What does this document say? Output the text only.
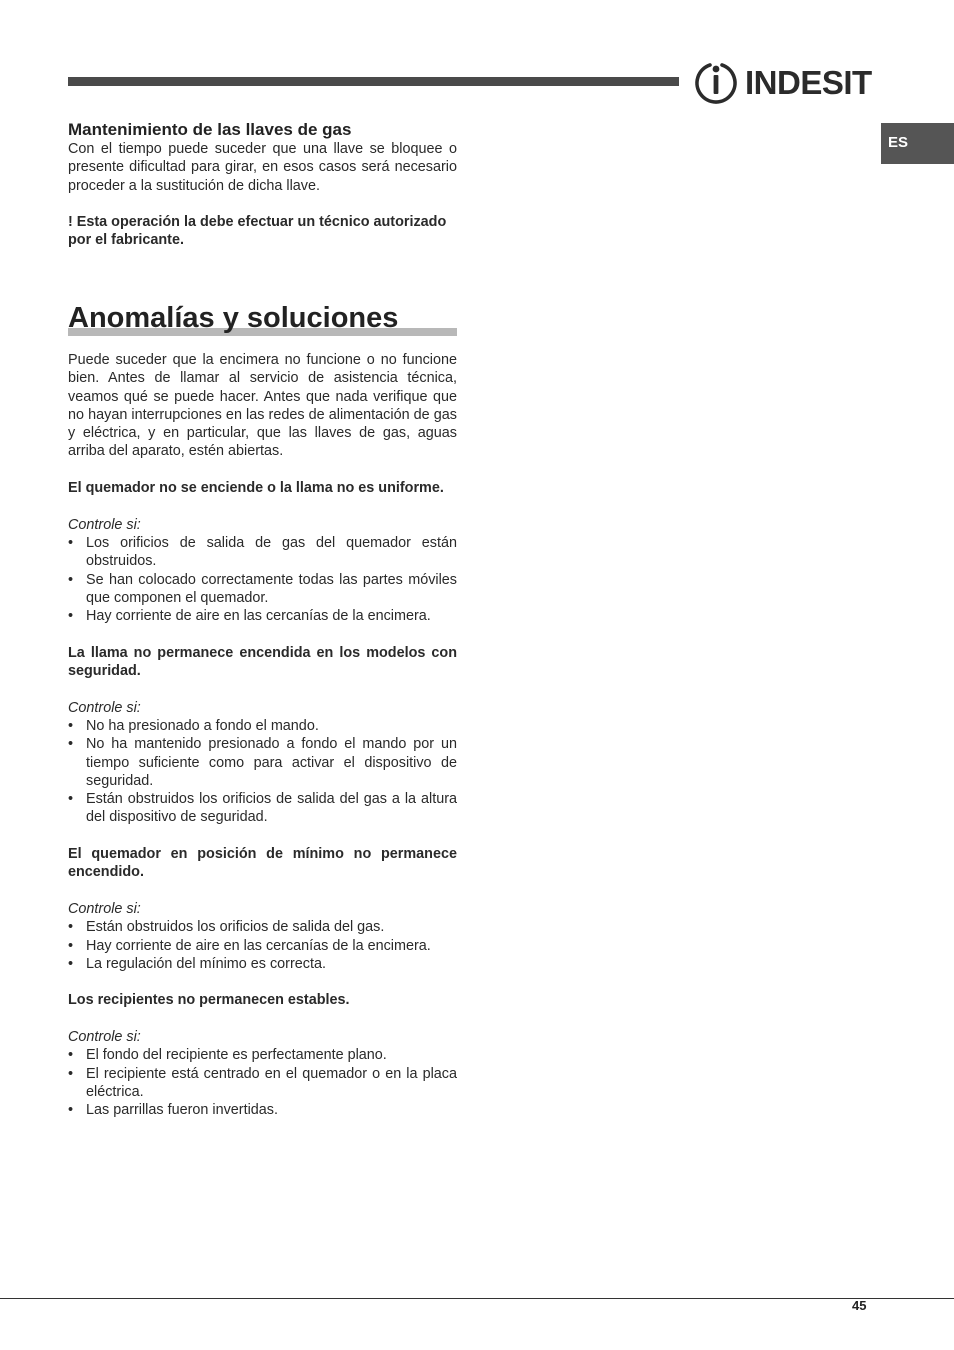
INDESIT
ES
Mantenimiento de las llaves de gas

Con el tiempo puede suceder que una llave se bloquee o presente dificultad para girar, en esos casos será necesario proceder a la sustitución de dicha llave.

! Esta operación la debe efectuar un técnico autorizado por el fabricante.

Anomalías y soluciones

Puede suceder que la encimera no funcione o no funcione bien. Antes de llamar al servicio de asistencia técnica, veamos qué se puede hacer. Antes que nada verifique que no hayan interrupciones en las redes de alimentación de gas y eléctrica, y en particular, que las llaves de gas, aguas arriba del aparato, estén abiertas.

El quemador no se enciende o la llama no es uniforme.

Controle si:

• Los orificios de salida de gas del quemador están obstruidos.
• Se han colocado correctamente todas las partes móviles que componen el quemador.
• Hay corriente de aire en las cercanías de la encimera.

La llama no permanece encendida en los modelos con seguridad.

Controle si:

• No ha presionado a fondo el mando.
• No ha mantenido presionado a fondo el mando por un tiempo suficiente como para activar el dispositivo de seguridad.
• Están obstruidos los orificios de salida del gas a la altura del dispositivo de seguridad.

El quemador en posición de mínimo no permanece encendido.

Controle si:

• Están obstruidos los orificios de salida del gas.
• Hay corriente de aire en las cercanías de la encimera.
• La regulación del mínimo es correcta.

Los recipientes no permanecen estables.

Controle si:

• El fondo del recipiente es perfectamente plano.
• El recipiente está centrado en el quemador o en la placa eléctrica.
• Las parrillas fueron invertidas.
45
